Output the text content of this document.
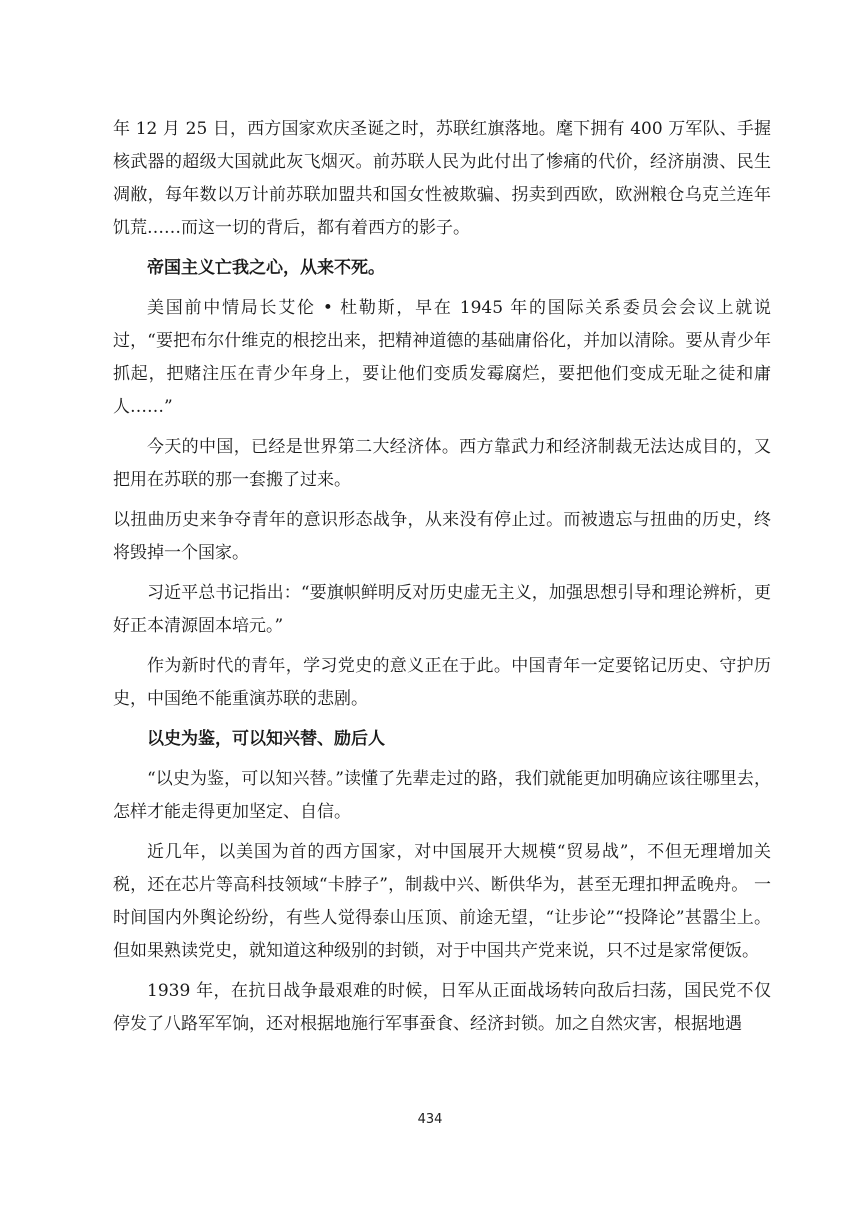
年 12 月 25 日，西方国家欢庆圣诞之时，苏联红旗落地。麾下拥有 400 万军队、手握核武器的超级大国就此灰飞烟灭。前苏联人民为此付出了惨痛的代价，经济崩溃、民生凋敝，每年数以万计前苏联加盟共和国女性被欺骗、拐卖到西欧，欧洲粮仓乌克兰连年饥荒……而这一切的背后，都有着西方的影子。

帝国主义亡我之心，从来不死。

美国前中情局长艾伦 • 杜勒斯，早在 1945 年的国际关系委员会会议上就说过，“要把布尔什维克的根挖出来，把精神道德的基础庸俗化，并加以清除。要从青少年抓起，把赌注压在青少年身上，要让他们变质发霉腐烂，要把他们变成无耻之徒和庸人……”

今天的中国，已经是世界第二大经济体。西方靠武力和经济制裁无法达成目的，又把用在苏联的那一套搬了过来。

以扭曲历史来争夺青年的意识形态战争，从来没有停止过。而被遗忘与扭曲的历史，终将毁掉一个国家。

习近平总书记指出：“要旗帜鲜明反对历史虚无主义，加强思想引导和理论辨析，更好正本清源固本培元。”

作为新时代的青年，学习党史的意义正在于此。中国青年一定要铭记历史、守护历史，中国绝不能重演苏联的悲剧。

以史为鉴，可以知兴替、励后人

“以史为鉴，可以知兴替。”读懂了先辈走过的路，我们就能更加明确应该往哪里去，怎样才能走得更加坚定、自信。

近几年，以美国为首的西方国家，对中国展开大规模“贸易战”，不但无理增加关税，还在芯片等高科技领域“卡脖子”，制裁中兴、断供华为，甚至无理扣押孟晚舟。 一时间国内外舆论纷纷，有些人觉得泰山压顶、前途无望，“让步论”“投降论”甚嚣尘上。 但如果熟读党史，就知道这种级别的封锁，对于中国共产党来说，只不过是家常便饭。

1939 年，在抗日战争最艰难的时候，日军从正面战场转向敌后扫荡，国民党不仅停发了八路军军饷，还对根据地施行军事蚕食、经济封锁。加之自然灾害，根据地遇

434
